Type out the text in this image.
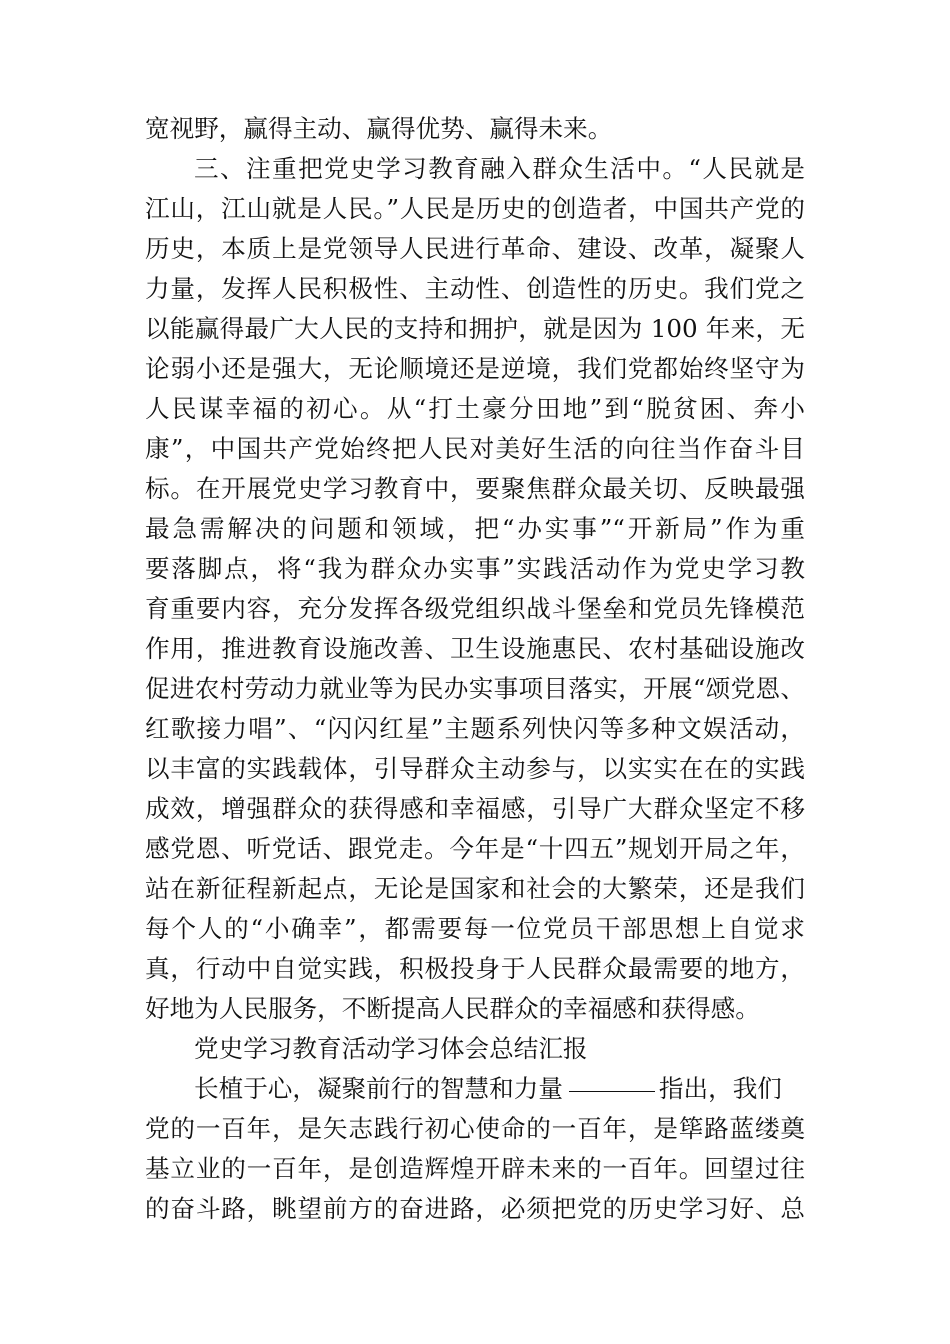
宽视野，赢得主动、赢得优势、赢得未来。
三、注重把党史学习教育融入群众生活中。“人民就是
江山，江山就是人民。”人民是历史的创造者，中国共产党的
历史，本质上是党领导人民进行革命、建设、改革，凝聚人
力量，发挥人民积极性、主动性、创造性的历史。我们党之
以能赢得最广大人民的支持和拥护，就是因为 100 年来，无
论弱小还是强大，无论顺境还是逆境，我们党都始终坚守为
人民谋幸福的初心。从“打土豪分田地”到“脱贫困、奔小
康”，中国共产党始终把人民对美好生活的向往当作奋斗目
标。在开展党史学习教育中，要聚焦群众最关切、反映最强
最急需解决的问题和领域，把“办实事”“开新局”作为重
要落脚点，将“我为群众办实事”实践活动作为党史学习教
育重要内容，充分发挥各级党组织战斗堡垒和党员先锋模范
作用，推进教育设施改善、卫生设施惠民、农村基础设施改
促进农村劳动力就业等为民办实事项目落实，开展“颂党恩、
红歌接力唱”、“闪闪红星”主题系列快闪等多种文娱活动，
以丰富的实践载体，引导群众主动参与，以实实在在的实践
成效，增强群众的获得感和幸福感，引导广大群众坚定不移
感党恩、听党话、跟党走。今年是“十四五”规划开局之年，
站在新征程新起点，无论是国家和社会的大繁荣，还是我们
每个人的“小确幸”，都需要每一位党员干部思想上自觉求
真，行动中自觉实践，积极投身于人民群众最需要的地方，
好地为人民服务，不断提高人民群众的幸福感和获得感。
党史学习教育活动学习体会总结汇报
长植于心，凝聚前行的智慧和力量	指出，我们
党的一百年，是矢志践行初心使命的一百年，是筚路蓝缕奠
基立业的一百年，是创造辉煌开辟未来的一百年。回望过往
的奋斗路，眺望前方的奋进路，必须把党的历史学习好、总
